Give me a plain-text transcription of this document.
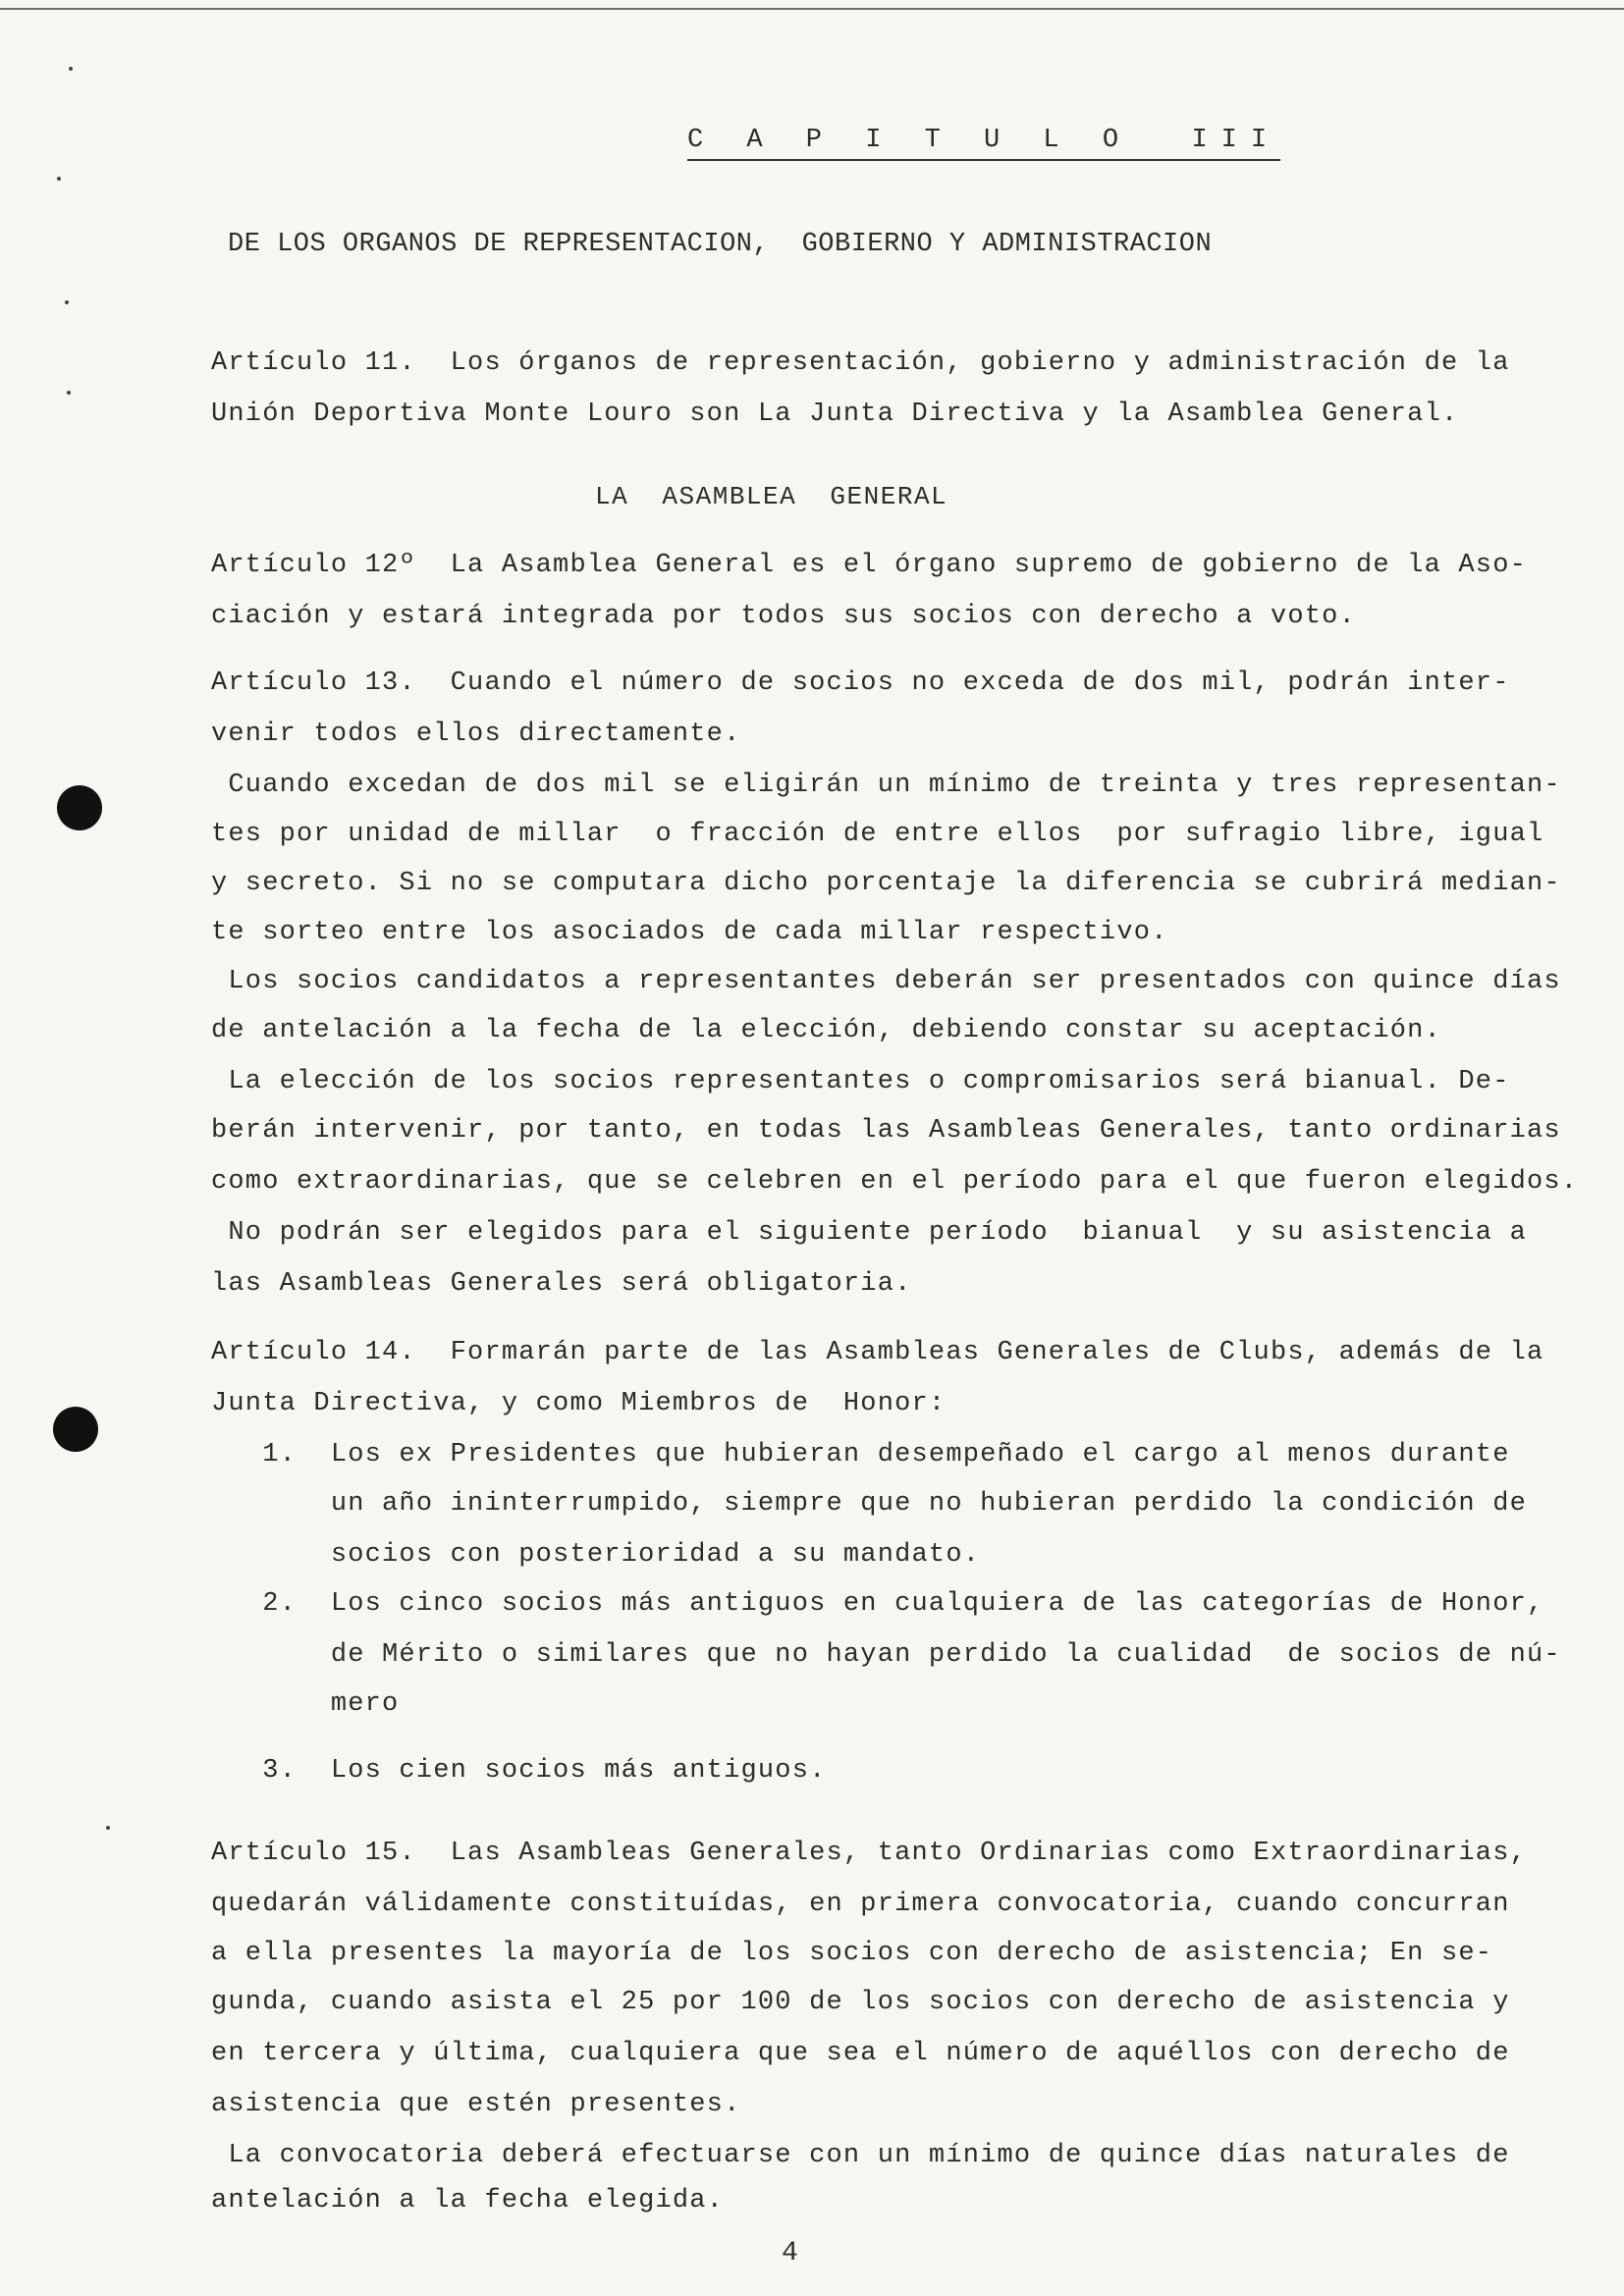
C A P I T U L O  III
DE LOS ORGANOS DE REPRESENTACION,  GOBIERNO Y ADMINISTRACION
LA  ASAMBLEA  GENERAL
Artículo 11.  Los órganos de representación, gobierno y administración de la
Unión Deportiva Monte Louro son La Junta Directiva y la Asamblea General.
Artículo 12º  La Asamblea General es el órgano supremo de gobierno de la Aso-
ciación y estará integrada por todos sus socios con derecho a voto.
Artículo 13.  Cuando el número de socios no exceda de dos mil, podrán inter-
venir todos ellos directamente.
Cuando excedan de dos mil se eligirán un mínimo de treinta y tres representan-
tes por unidad de millar  o fracción de entre ellos  por sufragio libre, igual
y secreto. Si no se computara dicho porcentaje la diferencia se cubrirá median-
te sorteo entre los asociados de cada millar respectivo.
Los socios candidatos a representantes deberán ser presentados con quince días
de antelación a la fecha de la elección, debiendo constar su aceptación.
La elección de los socios representantes o compromisarios será bianual. De-
berán intervenir, por tanto, en todas las Asambleas Generales, tanto ordinarias
como extraordinarias, que se celebren en el período para el que fueron elegidos.
No podrán ser elegidos para el siguiente período  bianual  y su asistencia a
las Asambleas Generales será obligatoria.
Artículo 14.  Formarán parte de las Asambleas Generales de Clubs, además de la
Junta Directiva, y como Miembros de  Honor:
1.  Los ex Presidentes que hubieran desempeñado el cargo al menos durante
un año ininterrumpido, siempre que no hubieran perdido la condición de
socios con posterioridad a su mandato.
2.  Los cinco socios más antiguos en cualquiera de las categorías de Honor,
de Mérito o similares que no hayan perdido la cualidad  de socios de nú-
mero
3.  Los cien socios más antiguos.
Artículo 15.  Las Asambleas Generales, tanto Ordinarias como Extraordinarias,
quedarán válidamente constituídas, en primera convocatoria, cuando concurran
a ella presentes la mayoría de los socios con derecho de asistencia; En se-
gunda, cuando asista el 25 por 100 de los socios con derecho de asistencia y
en tercera y última, cualquiera que sea el número de aquéllos con derecho de
asistencia que estén presentes.
La convocatoria deberá efectuarse con un mínimo de quince días naturales de
antelación a la fecha elegida.
4
